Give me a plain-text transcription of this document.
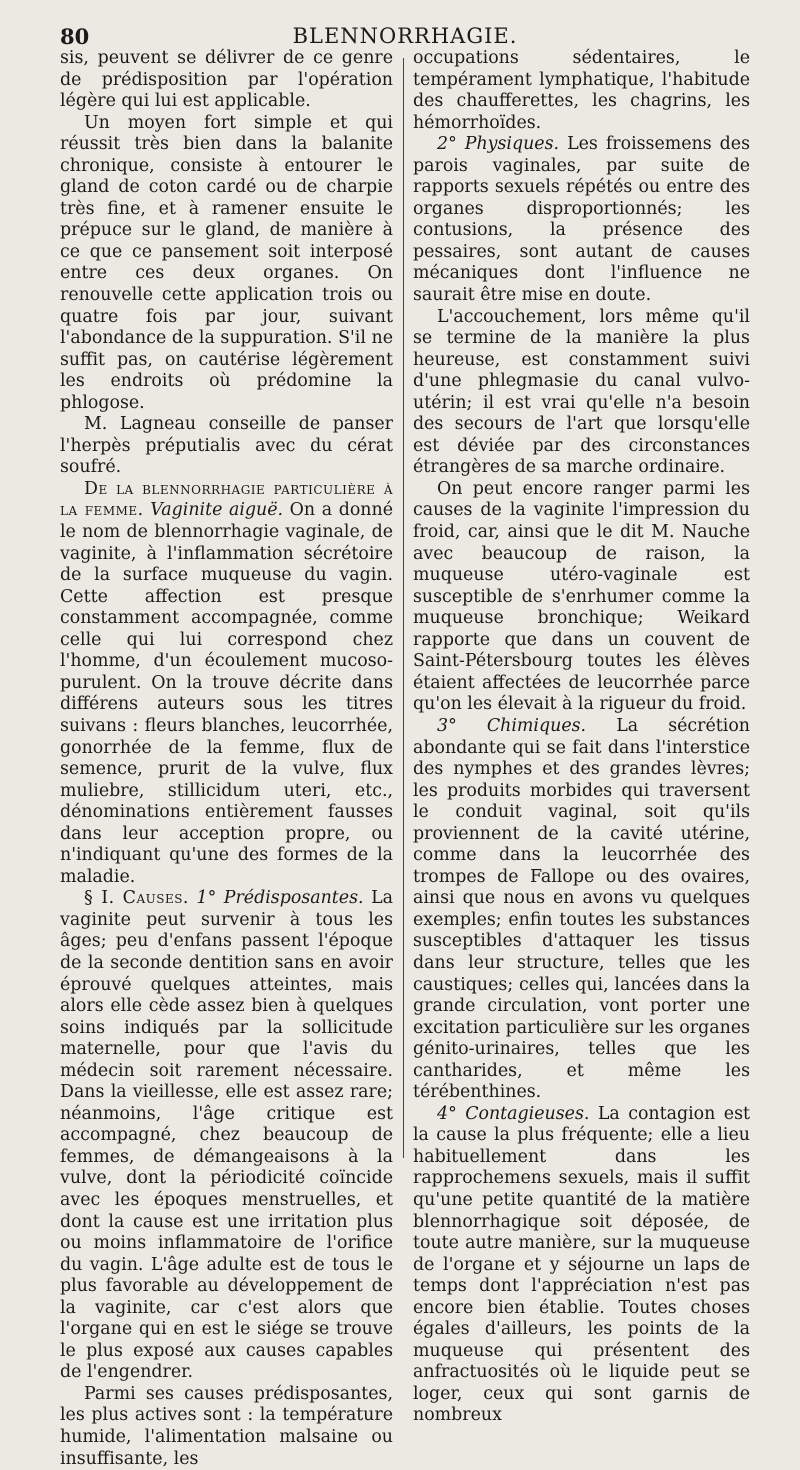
80	BLENNORRHAGIE.

sis, peuvent se délivrer de ce genre de prédisposition par l'opération légère qui lui est applicable.

Un moyen fort simple et qui réussit très bien dans la balanite chronique, consiste à entourer le gland de coton cardé ou de charpie très fine, et à ramener ensuite le prépuce sur le gland, de manière à ce que ce pansement soit interposé entre ces deux organes. On renouvelle cette application trois ou quatre fois par jour, suivant l'abondance de la suppuration. S'il ne suffit pas, on cautérise légèrement les endroits où prédomine la phlogose.

M. Lagneau conseille de panser l'herpès préputialis avec du cérat soufré.

De la blennorrhagie particulière à la femme. Vaginite aiguë. On a donné le nom de blennorrhagie vaginale, de vaginite, à l'inflammation sécrétoire de la surface muqueuse du vagin. Cette affection est presque constamment accompagnée, comme celle qui lui correspond chez l'homme, d'un écoulement mucoso-purulent. On la trouve décrite dans différens auteurs sous les titres suivans : fleurs blanches, leucorrhée, gonorrhée de la femme, flux de semence, prurit de la vulve, flux muliebre, stillicidum uteri, etc., dénominations entièrement fausses dans leur acception propre, ou n'indiquant qu'une des formes de la maladie.

§ I. Causes. 1° Prédisposantes. La vaginite peut survenir à tous les âges; peu d'enfans passent l'époque de la seconde dentition sans en avoir éprouvé quelques atteintes, mais alors elle cède assez bien à quelques soins indiqués par la sollicitude maternelle, pour que l'avis du médecin soit rarement nécessaire. Dans la vieillesse, elle est assez rare; néanmoins, l'âge critique est accompagné, chez beaucoup de femmes, de démangeaisons à la vulve, dont la périodicité coïncide avec les époques menstruelles, et dont la cause est une irritation plus ou moins inflammatoire de l'orifice du vagin. L'âge adulte est de tous le plus favorable au développement de la vaginite, car c'est alors que l'organe qui en est le siége se trouve le plus exposé aux causes capables de l'engendrer.

Parmi ses causes prédisposantes, les plus actives sont : la température humide, l'alimentation malsaine ou insuffisante, les

occupations sédentaires, le tempérament lymphatique, l'habitude des chaufferettes, les chagrins, les hémorrhoïdes.

2° Physiques. Les froissemens des parois vaginales, par suite de rapports sexuels répétés ou entre des organes disproportionnés; les contusions, la présence des pessaires, sont autant de causes mécaniques dont l'influence ne saurait être mise en doute.

L'accouchement, lors même qu'il se termine de la manière la plus heureuse, est constamment suivi d'une phlegmasie du canal vulvo-utérin; il est vrai qu'elle n'a besoin des secours de l'art que lorsqu'elle est déviée par des circonstances étrangères de sa marche ordinaire.

On peut encore ranger parmi les causes de la vaginite l'impression du froid, car, ainsi que le dit M. Nauche avec beaucoup de raison, la muqueuse utéro-vaginale est susceptible de s'enrhumer comme la muqueuse bronchique; Weikard rapporte que dans un couvent de Saint-Pétersbourg toutes les élèves étaient affectées de leucorrhée parce qu'on les élevait à la rigueur du froid.

3° Chimiques. La sécrétion abondante qui se fait dans l'interstice des nymphes et des grandes lèvres; les produits morbides qui traversent le conduit vaginal, soit qu'ils proviennent de la cavité utérine, comme dans la leucorrhée des trompes de Fallope ou des ovaires, ainsi que nous en avons vu quelques exemples; enfin toutes les substances susceptibles d'attaquer les tissus dans leur structure, telles que les caustiques; celles qui, lancées dans la grande circulation, vont porter une excitation particulière sur les organes génito-urinaires, telles que les cantharides, et même les térébenthines.

4° Contagieuses. La contagion est la cause la plus fréquente; elle a lieu habituellement dans les rapprochemens sexuels, mais il suffit qu'une petite quantité de la matière blennorrhagique soit déposée, de toute autre manière, sur la muqueuse de l'organe et y séjourne un laps de temps dont l'appréciation n'est pas encore bien établie. Toutes choses égales d'ailleurs, les points de la muqueuse qui présentent des anfractuosités où le liquide peut se loger, ceux qui sont garnis de nombreux
